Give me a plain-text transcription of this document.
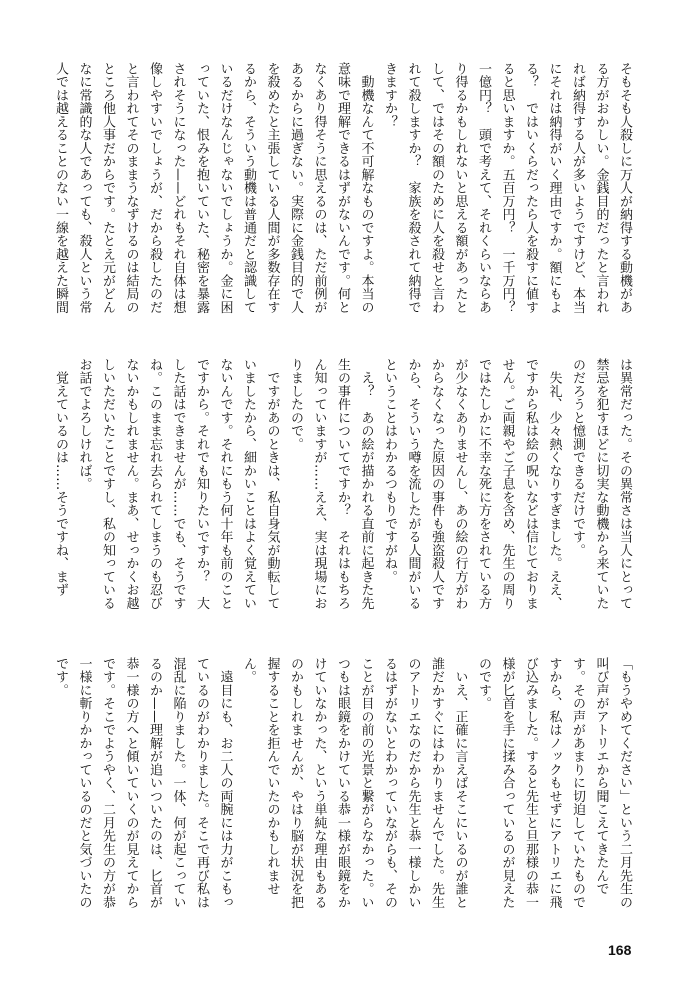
そもそも人殺しに万人が納得する動機があ
る方がおかしい。金銭目的だったと言われ
れば納得する人が多いようですけど、本当
にそれは納得がいく理由ですか。額にもよ
る？　ではいくらだったら人を殺すに値す
ると思いますか。五百万円？　一千万円？
一億円？　頭で考えて、それくらいならあ
り得るかもしれないと思える額があったと
して、ではその額のために人を殺せと言わ
れて殺しますか？　家族を殺されて納得で
きますか？
　動機なんて不可解なものですよ。本当の
意味で理解できるはずがないんです。何と
なくあり得そうに思えるのは、ただ前例が
あるからに過ぎない。実際に金銭目的で人
を殺めたと主張している人間が多数存在す
るから、そういう動機は普通だと認識して
いるだけなんじゃないでしょうか。金に困
っていた、恨みを抱いていた、秘密を暴露
されそうになった——どれもそれ自体は想
像しやすいでしょうが、だから殺したのだ
と言われてそのままうなずけるのは結局の
ところ他人事だからです。たとえ元がどん
なに常識的な人であっても、殺人という常
人では越えることのない一線を越えた瞬間
は異常だった。その異常さは当人にとって
禁忌を犯すほどに切実な動機から来ていた
のだろうと憶測できるだけです。
　失礼、少々熱くなりすぎました。ええ、
ですから私は絵の呪いなどは信じておりま
せん。ご両親やご子息を含め、先生の周り
ではたしかに不幸な死に方をされている方
が少なくありませんし、あの絵の行方がわ
からなくなった原因の事件も強盗殺人です
から、そういう噂を流したがる人間がいる
ということはわかるつもりですがね。
　え？　あの絵が描かれる直前に起きた先
生の事件についてですか？　それはもちろ
ん知っていますが……ええ、実は現場にお
りましたので。
　ですがあのときは、私自身気が動転して
いましたから、細かいことはよく覚えてい
ないんです。それにもう何十年も前のこと
ですから。それでも知りたいですか？　大
した話はできませんが……でも、そうです
ね。このまま忘れ去られてしまうのも忍び
ないかもしれません。まあ、せっかくお越
しいただいたことですし、私の知っている
お話でよろしければ。
　覚えているのは……そうですね、まず
「もうやめてください」という二月先生の
叫び声がアトリエから聞こえてきたんで
す。その声があまりに切迫していたもので
すから、私はノックもせずにアトリエに飛
び込みました。すると先生と旦那様の恭一
様が匕首を手に揉み合っているのが見えた
のです。
　いえ、正確に言えばそこにいるのが誰と
誰だかすぐにはわかりませんでした。先生
のアトリエなのだから先生と恭一様しかい
るはずがないとわかっていながらも、その
ことが目の前の光景と繋がらなかった。い
つもは眼鏡をかけている恭一様が眼鏡をか
けていなかった、という単純な理由もある
のかもしれませんが、やはり脳が状況を把
握することを拒んでいたのかもしれませ
ん。
　遠目にも、お二人の両腕には力がこもっ
ているのがわかりました。そこで再び私は
混乱に陥りました。一体、何が起こってい
るのか——理解が追いついたのは、匕首が
恭一様の方へと傾いていくのが見えてから
です。そこでようやく、二月先生の方が恭
一様に斬りかかっているのだと気づいたの
です。
168
